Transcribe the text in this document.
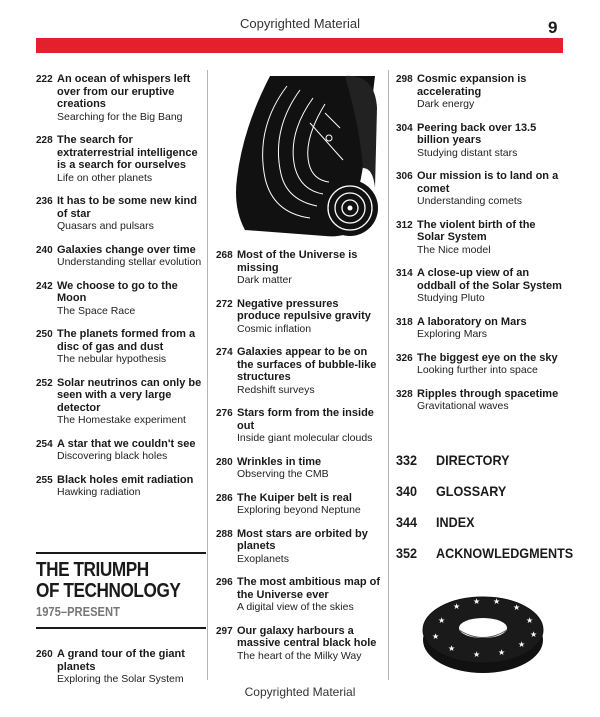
Copyrighted Material	9
222 An ocean of whispers left over from our eruptive creations
Searching for the Big Bang
228 The search for extraterrestrial intelligence is a search for ourselves
Life on other planets
236 It has to be some new kind of star
Quasars and pulsars
240 Galaxies change over time
Understanding stellar evolution
242 We choose to go to the Moon
The Space Race
250 The planets formed from a disc of gas and dust
The nebular hypothesis
252 Solar neutrinos can only be seen with a very large detector
The Homestake experiment
254 A star that we couldn't see
Discovering black holes
255 Black holes emit radiation
Hawking radiation
THE TRIUMPH
OF TECHNOLOGY
1975–PRESENT
260 A grand tour of the giant planets
Exploring the Solar System
268 Most of the Universe is missing
Dark matter
272 Negative pressures produce repulsive gravity
Cosmic inflation
274 Galaxies appear to be on the surfaces of bubble-like structures
Redshift surveys
276 Stars form from the inside out
Inside giant molecular clouds
280 Wrinkles in time
Observing the CMB
286 The Kuiper belt is real
Exploring beyond Neptune
288 Most stars are orbited by planets
Exoplanets
296 The most ambitious map of the Universe ever
A digital view of the skies
297 Our galaxy harbours a massive central black hole
The heart of the Milky Way
298 Cosmic expansion is accelerating
Dark energy
304 Peering back over 13.5 billion years
Studying distant stars
306 Our mission is to land on a comet
Understanding comets
312 The violent birth of the Solar System
The Nice model
314 A close-up view of an oddball of the Solar System
Studying Pluto
318 A laboratory on Mars
Exploring Mars
326 The biggest eye on the sky
Looking further into space
328 Ripples through spacetime
Gravitational waves
332	DIRECTORY
340	GLOSSARY
344	INDEX
352	ACKNOWLEDGMENTS
★
★
★ ★
★
★
★
★
★ ★
★
★
Copyrighted Material
